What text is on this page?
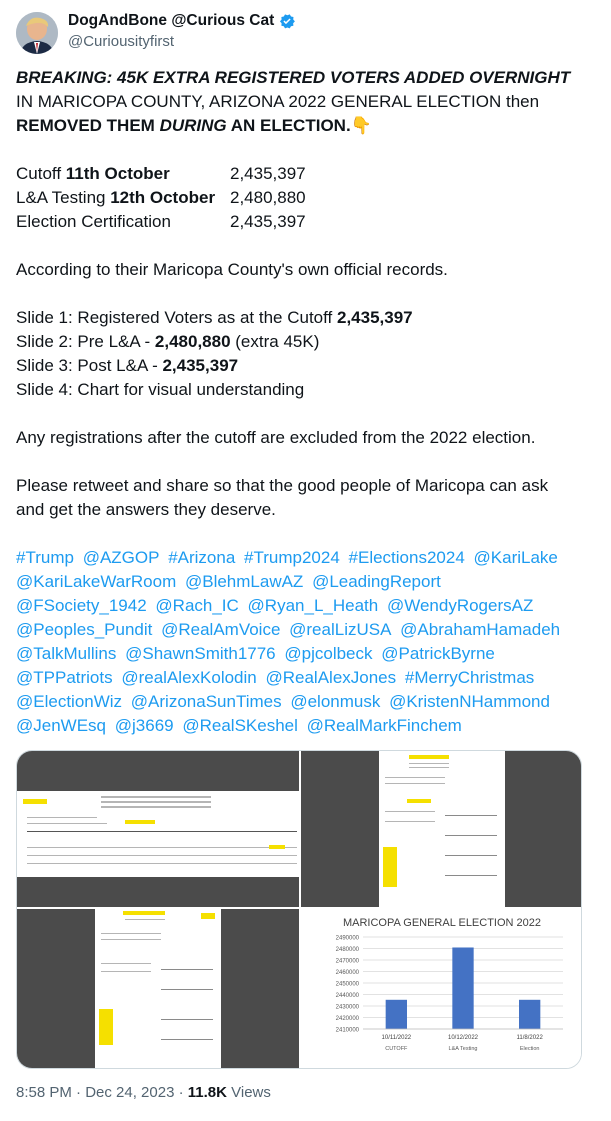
DogAndBone @Curious Cat
@Curiousityfirst

BREAKING: 45K EXTRA REGISTERED VOTERS ADDED OVERNIGHT IN MARICOPA COUNTY, ARIZONA 2022 GENERAL ELECTION then REMOVED THEM DURING AN ELECTION.👇

Cutoff 11th October	2,435,397
L&A Testing 12th October 2,480,880
Election Certification	2,435,397

According to their Maricopa County's own official records.

Slide 1: Registered Voters as at the Cutoff 2,435,397

Slide 2: Pre L&A - 2,480,880 (extra 45K)

Slide 3: Post L&A - 2,435,397

Slide 4: Chart for visual understanding

Any registrations after the cutoff are excluded from the 2022 election.

Please retweet and share so that the good people of Maricopa can ask and get the answers they deserve.

#Trump @AZGOP #Arizona #Trump2024 #Elections2024 @KariLake @KariLakeWarRoom @BlehmLawAZ @LeadingReport @FSociety_1942 @Rach_IC @Ryan_L_Heath @WendyRogersAZ @Peoples_Pundit @RealAmVoice @realLizUSA @AbrahamHamadeh @TalkMullins @ShawnSmith1776 @pjcolbeck @PatrickByrne @TPPatriots @realAlexKolodin @RealAlexJones #MerryChristmas @ElectionWiz @ArizonaSunTimes @elonmusk @KristenNHammond @JenWEsq @j3669 @RealSKeshel @RealMarkFinchem

MARICOPA GENERAL ELECTION 2022
2410000
2420000
2430000
2440000
2450000
2460000
2470000
2480000
2490000
10/11/2022
CUTOFF
10/12/2022
L&A Testing
11/8/2022
Election
8:58 PM · Dec 24, 2023 · 11.8K Views
